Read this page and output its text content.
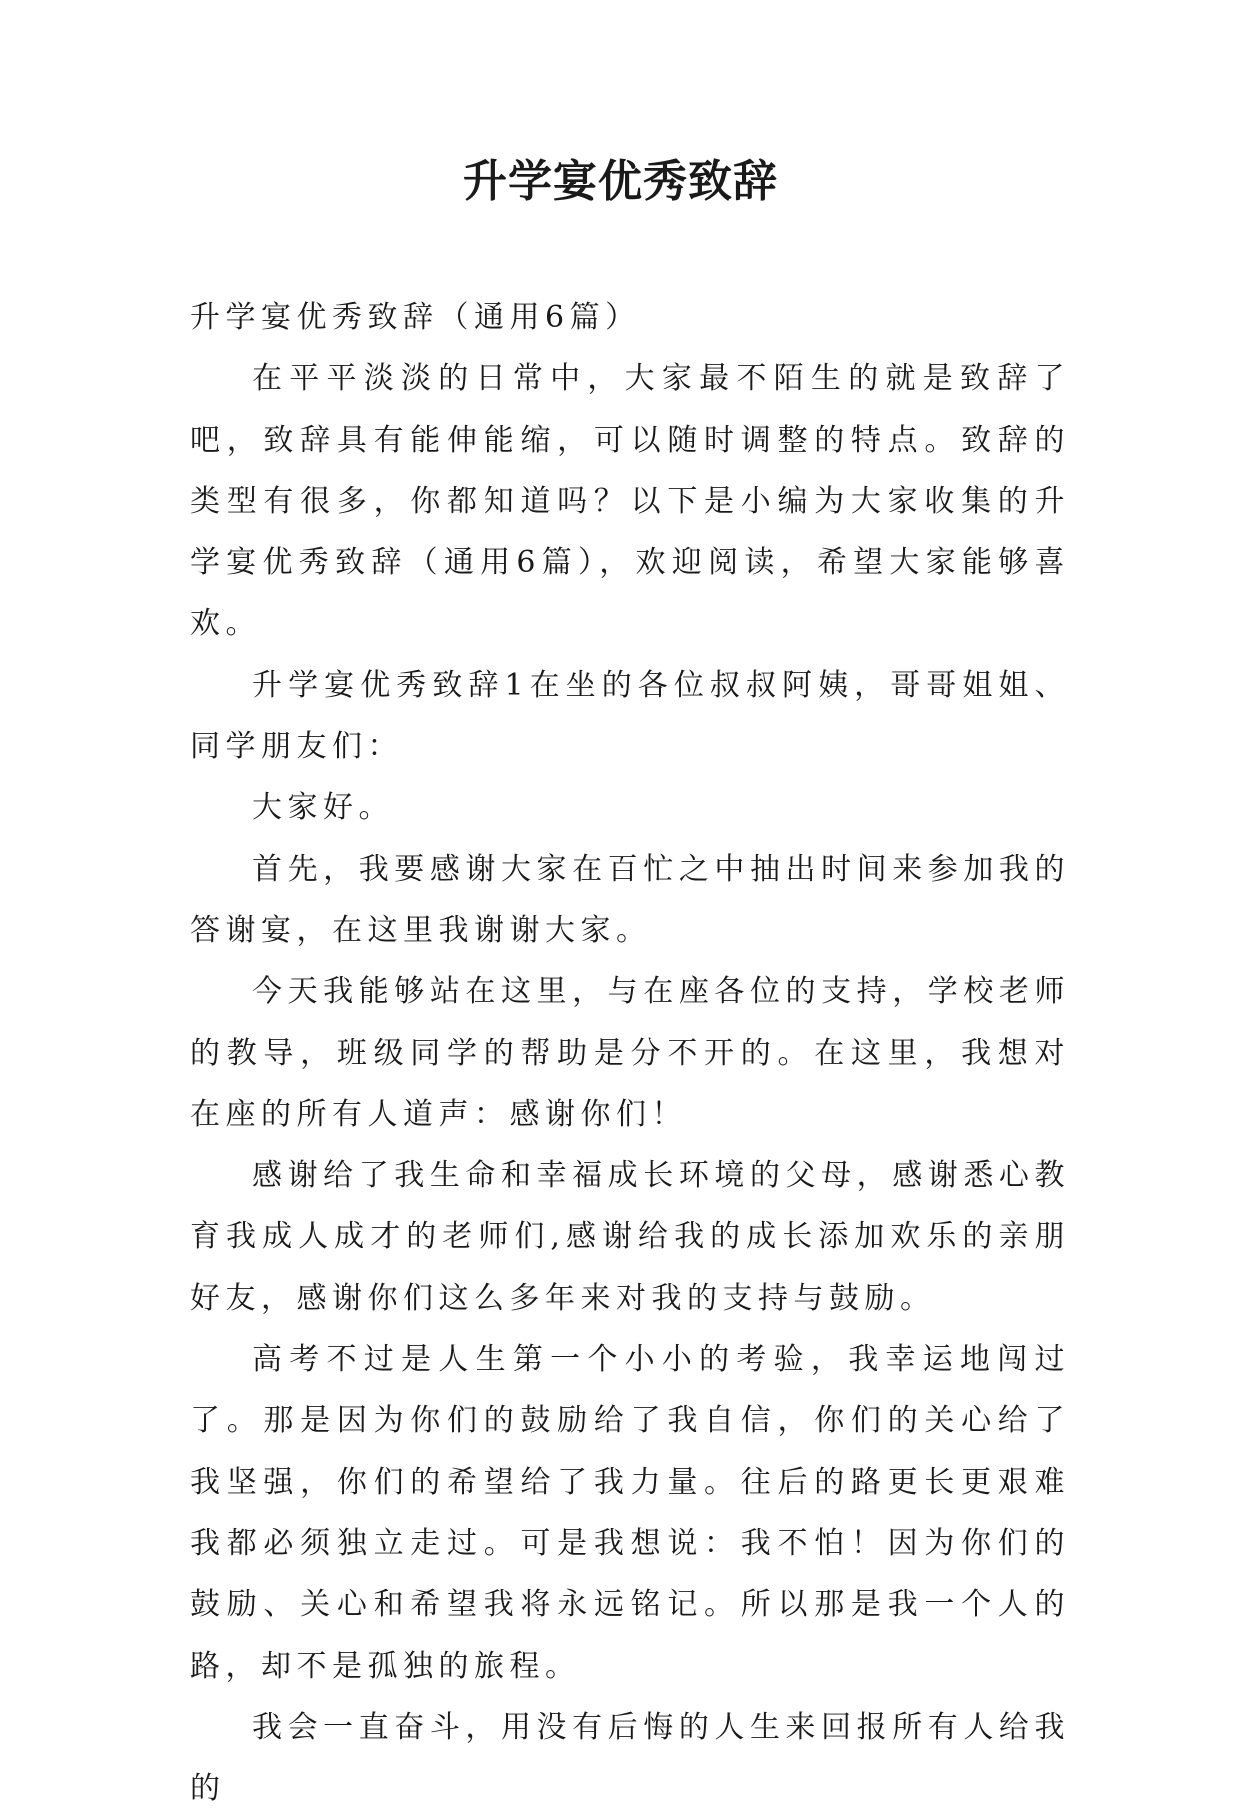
升学宴优秀致辞

升学宴优秀致辞（通用6篇）

在平平淡淡的日常中，大家最不陌生的就是致辞了吧，致辞具有能伸能缩，可以随时调整的特点。致辞的类型有很多，你都知道吗？以下是小编为大家收集的升学宴优秀致辞（通用6篇），欢迎阅读，希望大家能够喜欢。

升学宴优秀致辞1在坐的各位叔叔阿姨，哥哥姐姐、同学朋友们：

大家好。

首先，我要感谢大家在百忙之中抽出时间来参加我的答谢宴，在这里我谢谢大家。

今天我能够站在这里，与在座各位的支持，学校老师的教导，班级同学的帮助是分不开的。在这里，我想对在座的所有人道声：感谢你们！

感谢给了我生命和幸福成长环境的父母，感谢悉心教育我成人成才的老师们,感谢给我的成长添加欢乐的亲朋好友，感谢你们这么多年来对我的支持与鼓励。

高考不过是人生第一个小小的考验，我幸运地闯过了。那是因为你们的鼓励给了我自信，你们的关心给了我坚强，你们的希望给了我力量。往后的路更长更艰难我都必须独立走过。可是我想说：我不怕！因为你们的鼓励、关心和希望我将永远铭记。所以那是我一个人的路，却不是孤独的旅程。

我会一直奋斗，用没有后悔的人生来回报所有人给我的
